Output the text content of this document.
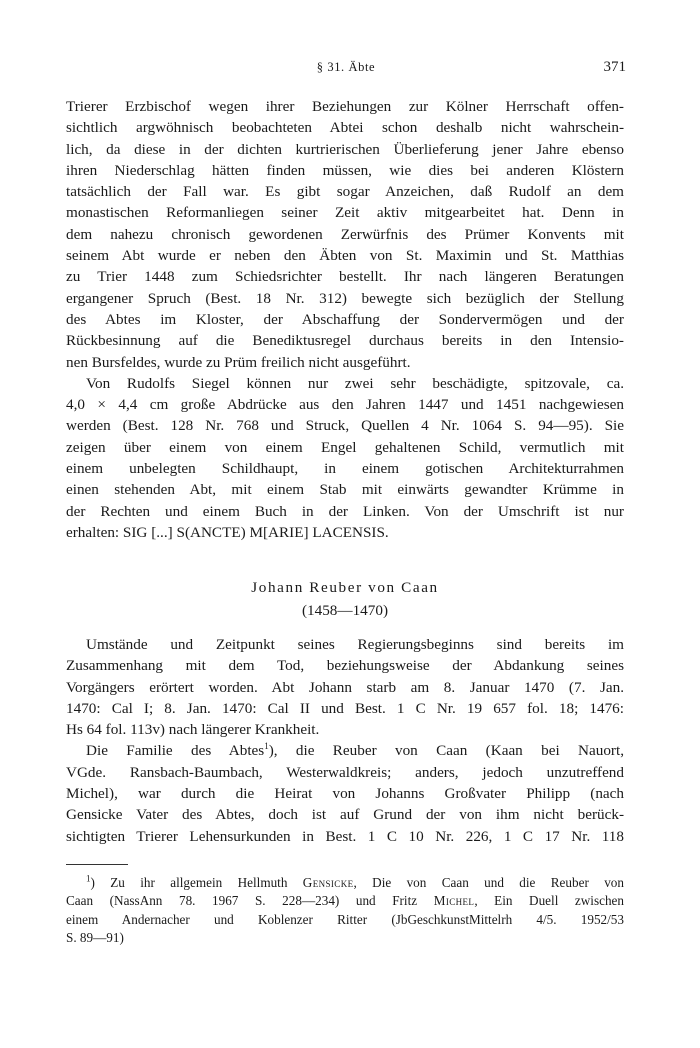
§ 31. Äbte	371
Trierer Erzbischof wegen ihrer Beziehungen zur Kölner Herrschaft offen-
sichtlich argwöhnisch beobachteten Abtei schon deshalb nicht wahrschein-
lich, da diese in der dichten kurtrierischen Überlieferung jener Jahre ebenso
ihren Niederschlag hätten finden müssen, wie dies bei anderen Klöstern
tatsächlich der Fall war. Es gibt sogar Anzeichen, daß Rudolf an dem
monastischen Reformanliegen seiner Zeit aktiv mitgearbeitet hat. Denn in
dem nahezu chronisch gewordenen Zerwürfnis des Prümer Konvents mit
seinem Abt wurde er neben den Äbten von St. Maximin und St. Matthias
zu Trier 1448 zum Schiedsrichter bestellt. Ihr nach längeren Beratungen
ergangener Spruch (Best. 18 Nr. 312) bewegte sich bezüglich der Stellung
des Abtes im Kloster, der Abschaffung der Sondervermögen und der
Rückbesinnung auf die Benediktusregel durchaus bereits in den Intensio-
nen Bursfeldes, wurde zu Prüm freilich nicht ausgeführt.
Von Rudolfs Siegel können nur zwei sehr beschädigte, spitzovale, ca.
4,0 × 4,4 cm große Abdrücke aus den Jahren 1447 und 1451 nachgewiesen
werden (Best. 128 Nr. 768 und Struck, Quellen 4 Nr. 1064 S. 94—95). Sie
zeigen über einem von einem Engel gehaltenen Schild, vermutlich mit
einem unbelegten Schildhaupt, in einem gotischen Architekturrahmen
einen stehenden Abt, mit einem Stab mit einwärts gewandter Krümme in
der Rechten und einem Buch in der Linken. Von der Umschrift ist nur
erhalten: SIG [...] S(ANCTE) M[ARIE] LACENSIS.
Johann Reuber von Caan
(1458—1470)
Umstände und Zeitpunkt seines Regierungsbeginns sind bereits im
Zusammenhang mit dem Tod, beziehungsweise der Abdankung seines
Vorgängers erörtert worden. Abt Johann starb am 8. Januar 1470 (7. Jan.
1470: Cal I; 8. Jan. 1470: Cal II und Best. 1 C Nr. 19 657 fol. 18; 1476:
Hs 64 fol. 113v) nach längerer Krankheit.
Die Familie des Abtes$^1$), die Reuber von Caan (Kaan bei Nauort,
VGde. Ransbach-Baumbach, Westerwaldkreis; anders, jedoch unzutreffend
Michel), war durch die Heirat von Johanns Großvater Philipp (nach
Gensicke Vater des Abtes, doch ist auf Grund der von ihm nicht berück-
sichtigten Trierer Lehensurkunden in Best. 1 C 10 Nr. 226, 1 C 17 Nr. 118
$^1$) Zu ihr allgemein Hellmuth Gensicke, Die von Caan und die Reuber von
Caan (NassAnn 78. 1967 S. 228—234) und Fritz Michel, Ein Duell zwischen
einem Andernacher und Koblenzer Ritter (JbGeschkunstMittelrh 4/5. 1952/53
S. 89—91)
